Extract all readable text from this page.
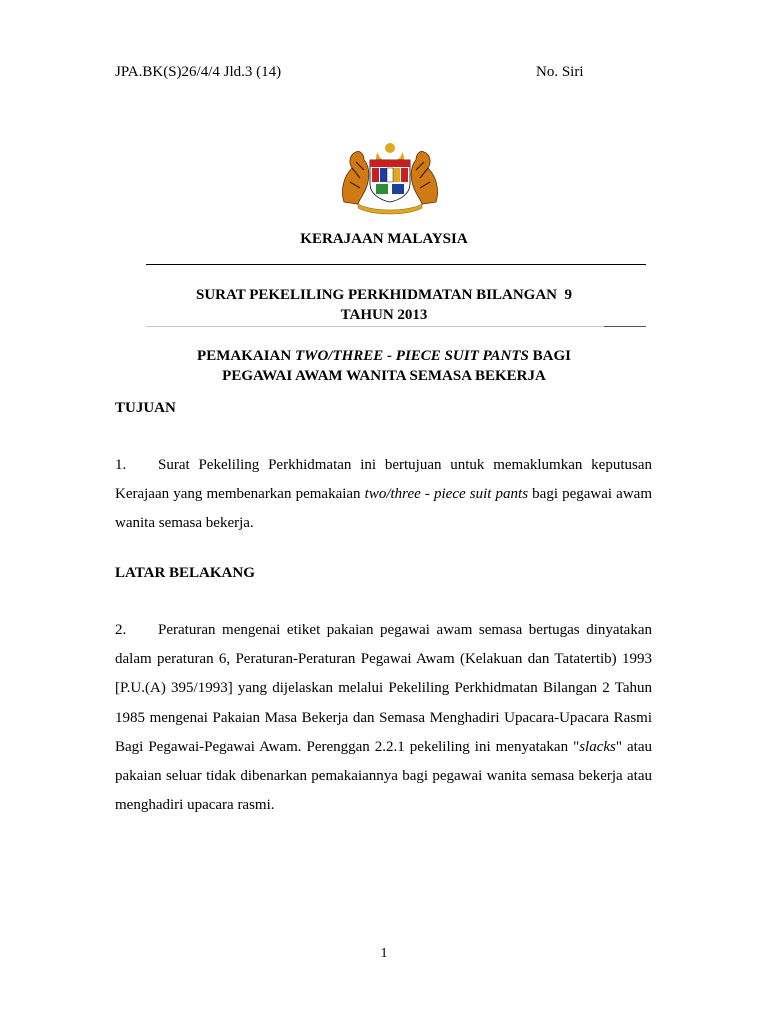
JPA.BK(S)26/4/4 Jld.3 (14)	No. Siri
KERAJAAN MALAYSIA
SURAT PEKELILING PERKHIDMATAN BILANGAN  9
TAHUN 2013
PEMAKAIAN TWO/THREE - PIECE SUIT PANTS BAGI
PEGAWAI AWAM WANITA SEMASA BEKERJA
TUJUAN
1. Surat Pekeliling Perkhidmatan ini bertujuan untuk memaklumkan keputusan Kerajaan yang membenarkan pemakaian two/three - piece suit pants bagi pegawai awam wanita semasa bekerja.
LATAR BELAKANG
2. Peraturan mengenai etiket pakaian pegawai awam semasa bertugas dinyatakan dalam peraturan 6, Peraturan-Peraturan Pegawai Awam (Kelakuan dan Tatatertib) 1993 [P.U.(A) 395/1993] yang dijelaskan melalui Pekeliling Perkhidmatan Bilangan 2 Tahun 1985 mengenai Pakaian Masa Bekerja dan Semasa Menghadiri Upacara-Upacara Rasmi Bagi Pegawai-Pegawai Awam. Perenggan 2.2.1 pekeliling ini menyatakan "slacks" atau pakaian seluar tidak dibenarkan pemakaiannya bagi pegawai wanita semasa bekerja atau menghadiri upacara rasmi.
1
